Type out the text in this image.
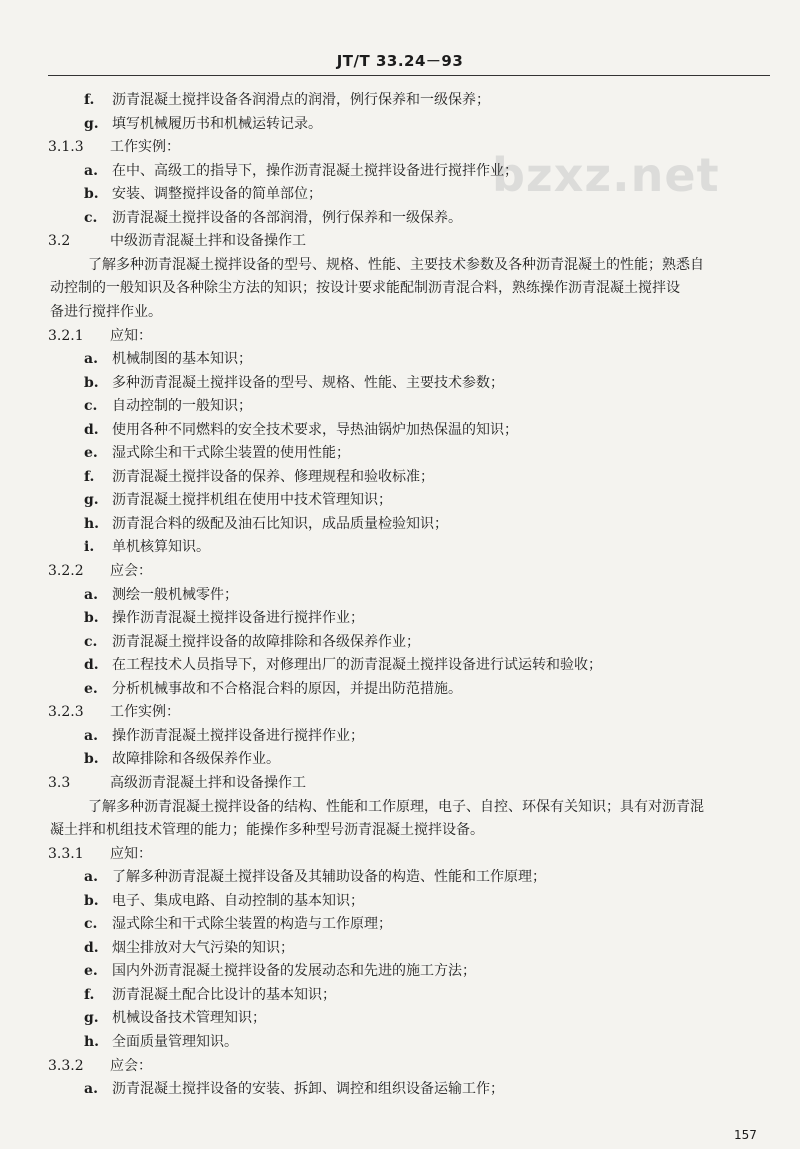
JT/T 33.24－93
bzxz.net
f.	沥青混凝土搅拌设备各润滑点的润滑，例行保养和一级保养；
g. 填写机械履历书和机械运转记录。
3.1.3 工作实例：
a.	在中、高级工的指导下，操作沥青混凝土搅拌设备进行搅拌作业；
b. 安装、调整搅拌设备的简单部位；
c.	沥青混凝土搅拌设备的各部润滑，例行保养和一级保养。
3.2	中级沥青混凝土拌和设备操作工
了解多种沥青混凝土搅拌设备的型号、规格、性能、主要技术参数及各种沥青混凝土的性能；熟悉自
动控制的一般知识及各种除尘方法的知识；按设计要求能配制沥青混合料，熟练操作沥青混凝土搅拌设
备进行搅拌作业。
3.2.1 应知：
a.	机械制图的基本知识；
b. 多种沥青混凝土搅拌设备的型号、规格、性能、主要技术参数；
c.	自动控制的一般知识；
d. 使用各种不同燃料的安全技术要求，导热油锅炉加热保温的知识；
e.	湿式除尘和干式除尘装置的使用性能；
f.	沥青混凝土搅拌设备的保养、修理规程和验收标准；
g. 沥青混凝土搅拌机组在使用中技术管理知识；
h. 沥青混合料的级配及油石比知识，成品质量检验知识；
i.	单机核算知识。
3.2.2 应会：
a.	测绘一般机械零件；
b. 操作沥青混凝土搅拌设备进行搅拌作业；
c.	沥青混凝土搅拌设备的故障排除和各级保养作业；
d. 在工程技术人员指导下，对修理出厂的沥青混凝土搅拌设备进行试运转和验收；
e.	分析机械事故和不合格混合料的原因，并提出防范措施。
3.2.3 工作实例：
a.	操作沥青混凝土搅拌设备进行搅拌作业；
b. 故障排除和各级保养作业。
3.3	高级沥青混凝土拌和设备操作工
了解多种沥青混凝土搅拌设备的结构、性能和工作原理，电子、自控、环保有关知识；具有对沥青混
凝土拌和机组技术管理的能力；能操作多种型号沥青混凝土搅拌设备。
3.3.1 应知：
a.	了解多种沥青混凝土搅拌设备及其辅助设备的构造、性能和工作原理；
b. 电子、集成电路、自动控制的基本知识；
c.	湿式除尘和干式除尘装置的构造与工作原理；
d. 烟尘排放对大气污染的知识；
e.	国内外沥青混凝土搅拌设备的发展动态和先进的施工方法；
f.	沥青混凝土配合比设计的基本知识；
g. 机械设备技术管理知识；
h. 全面质量管理知识。
3.3.2 应会：
a.	沥青混凝土搅拌设备的安装、拆卸、调控和组织设备运输工作；
157
